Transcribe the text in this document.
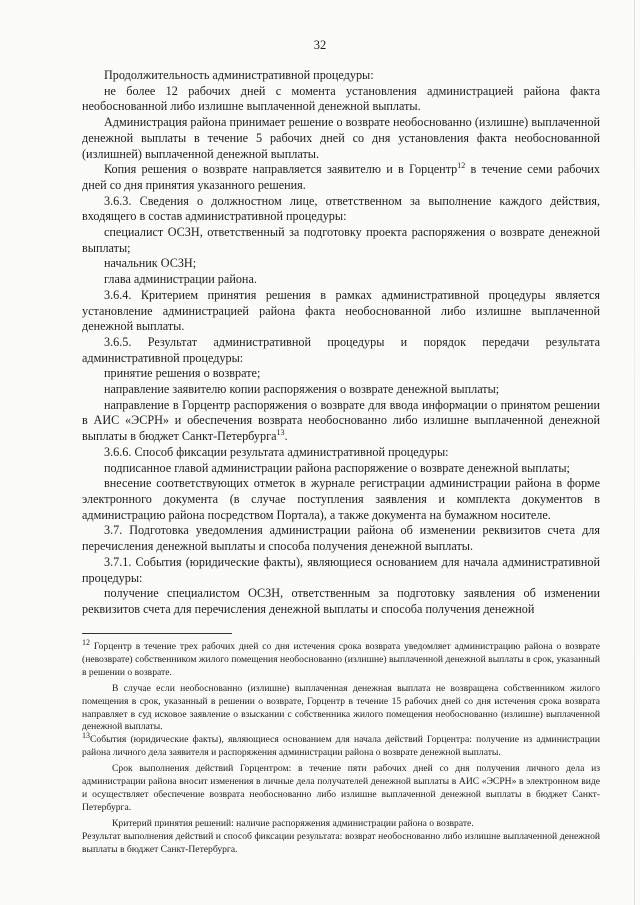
32

Продолжительность административной процедуры:

не более 12 рабочих дней с момента установления администрацией района факта необоснованной либо излишне выплаченной денежной выплаты.

Администрация района принимает решение о возврате необоснованно (излишне) выплаченной денежной выплаты в течение 5 рабочих дней со дня установления факта необоснованной (излишней) выплаченной денежной выплаты.

Копия решения о возврате направляется заявителю и в Горцентр$^{12}$ в течение семи рабочих дней со дня принятия указанного решения.

3.6.3. Сведения о должностном лице, ответственном за выполнение каждого действия, входящего в состав административной процедуры:

специалист ОСЗН, ответственный за подготовку проекта распоряжения о возврате денежной выплаты;

начальник ОСЗН;

глава администрации района.

3.6.4. Критерием принятия решения в рамках административной процедуры является установление администрацией района факта необоснованной либо излишне выплаченной денежной выплаты.

3.6.5. Результат административной процедуры и порядок передачи результата административной процедуры:

принятие решения о возврате;

направление заявителю копии распоряжения о возврате денежной выплаты;

направление в Горцентр распоряжения о возврате для ввода информации о принятом решении в АИС «ЭСРН» и обеспечения возврата необоснованно либо излишне выплаченной денежной выплаты в бюджет Санкт-Петербурга$^{13}$.

3.6.6. Способ фиксации результата административной процедуры:

подписанное главой администрации района распоряжение о возврате денежной выплаты;

внесение соответствующих отметок в журнале регистрации администрации района в форме электронного документа (в случае поступления заявления и комплекта документов в администрацию района посредством Портала), а также документа на бумажном носителе.

3.7. Подготовка уведомления администрации района об изменении реквизитов счета для перечисления денежной выплаты и способа получения денежной выплаты.

3.7.1. События (юридические факты), являющиеся основанием для начала административной процедуры:

получение специалистом ОСЗН, ответственным за подготовку заявления об изменении реквизитов счета для перечисления денежной выплаты и способа получения денежной

$^{12}$ Горцентр в течение трех рабочих дней со дня истечения срока возврата уведомляет администрацию района о возврате (невозврате) собственником жилого помещения необоснованно (излишне) выплаченной денежной выплаты в срок, указанный в решении о возврате.

В случае если необоснованно (излишне) выплаченная денежная выплата не возвращена собственником жилого помещения в срок, указанный в решении о возврате, Горцентр в течение 15 рабочих дней со дня истечения срока возврата направляет в суд исковое заявление о взыскании с собственника жилого помещения необоснованно (излишне) выплаченной денежной выплаты.

$^{13}$События (юридические факты), являющиеся основанием для начала действий Горцентра: получение из администрации района личного дела заявителя и распоряжения администрации района о возврате денежной выплаты.

Срок выполнения действий Горцентром: в течение пяти рабочих дней со дня получения личного дела из администрации района вносит изменения в личные дела получателей денежной выплаты в АИС «ЭСРН» в электронном виде и осуществляет обеспечение возврата необоснованно либо излишне выплаченной денежной выплаты в бюджет Санкт-Петербурга.

Критерий принятия решений: наличие распоряжения администрации района о возврате.

Результат выполнения действий и способ фиксации результата: возврат необоснованно либо излишне выплаченной денежной выплаты в бюджет Санкт-Петербурга.
